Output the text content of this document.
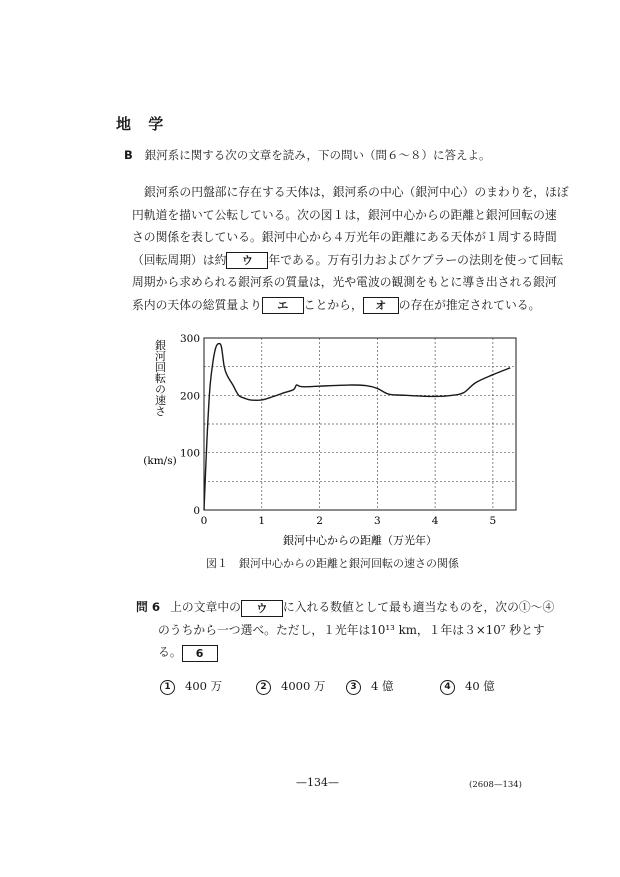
地 学
B 銀河系に関する次の文章を読み，下の問い（問６～８）に答えよ。
銀河系の円盤部に存在する天体は，銀河系の中心（銀河中心）のまわりを，ほぼ
円軌道を描いて公転している。次の図１は，銀河中心からの距離と銀河回転の速
さの関係を表している。銀河中心から４万光年の距離にある天体が１周する時間
（回転周期）は約 ウ 年である。万有引力およびケプラーの法則を使って回転
周期から求められる銀河系の質量は，光や電波の観測をもとに導き出される銀河
系内の天体の総質量より エ ことから， オ の存在が推定されている。
0	1	2	3	4	5
0
100
200
300
銀河回転の速さ
銀河中心からの距離（万光年）
(km/s)
図１　銀河中心からの距離と銀河回転の速さの関係
問 6 上の文章中の ウ に入れる数値として最も適当なものを，次の①～④
のうちから一つ選べ。ただし，１光年は10¹³ km，１年は３×10⁷ 秒とす
る。 6
1 400 万	2 4000 万	3 4 億	4 40 億
—134—	(2608—134)
